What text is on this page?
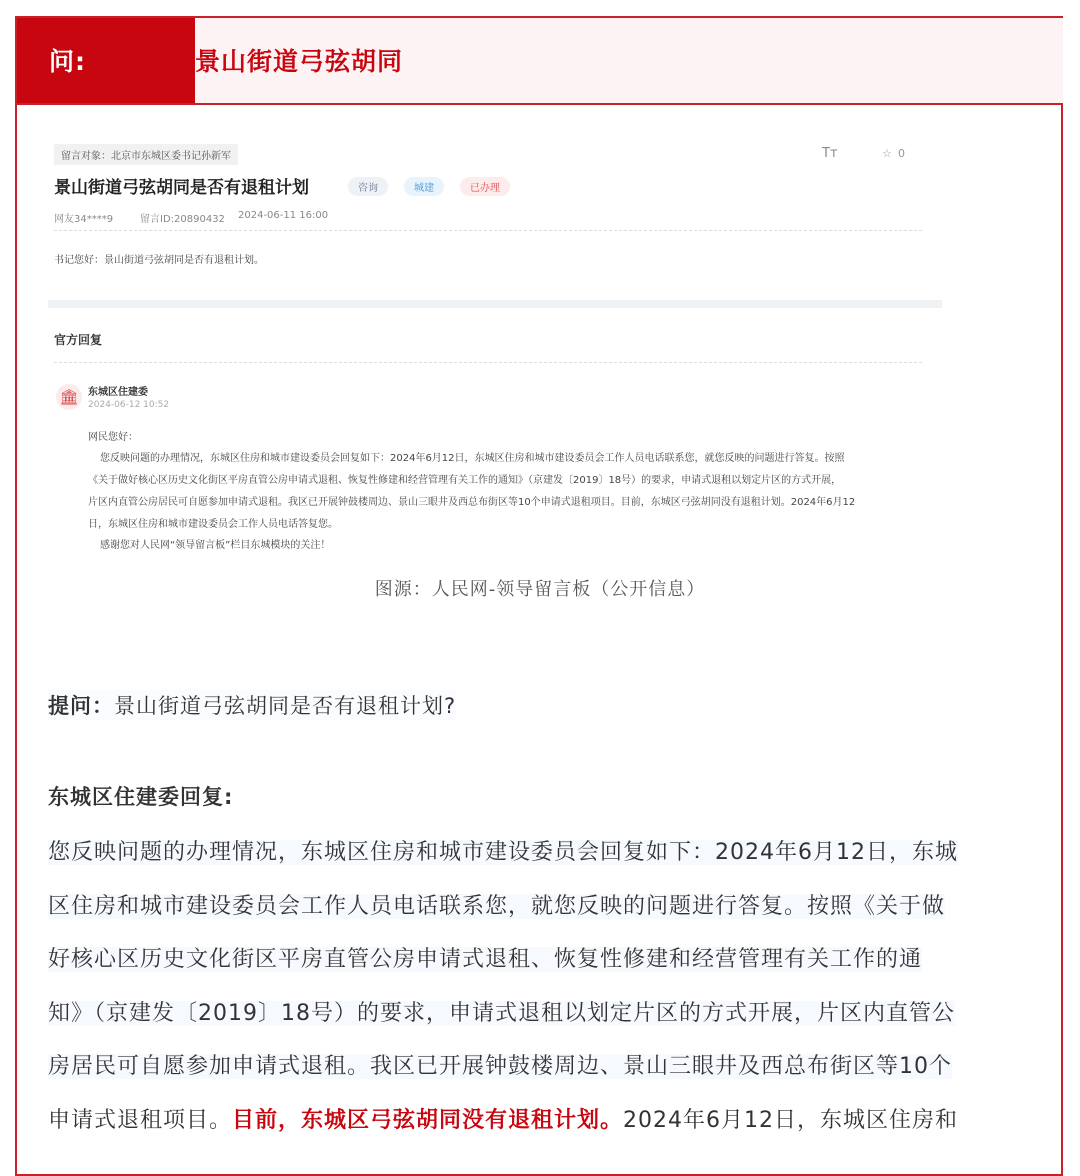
问:	景山街道弓弦胡同
留言对象：北京市东城区委书记孙新军	Tт	☆ 0
景山街道弓弦胡同是否有退租计划	咨询	城建	已办理
网友34****9	留言ID:20890432 2024-06-11 16:00
书记您好：景山街道弓弦胡同是否有退租计划。
官方回复
🏛 东城区住建委
2024-06-12 10:52
网民您好：
您反映问题的办理情况，东城区住房和城市建设委员会回复如下：2024年6月12日，东城区住房和城市建设委员会工作人员电话联系您，就您反映的问题进行答复。按照
《关于做好核心区历史文化街区平房直管公房申请式退租、恢复性修建和经营管理有关工作的通知》（京建发〔2019〕18号）的要求，申请式退租以划定片区的方式开展，
片区内直管公房居民可自愿参加申请式退租。我区已开展钟鼓楼周边、景山三眼井及西总布街区等10个申请式退租项目。目前，东城区弓弦胡同没有退租计划。2024年6月12
日，东城区住房和城市建设委员会工作人员电话答复您。
感谢您对人民网“领导留言板”栏目东城模块的关注！
图源：人民网-领导留言板（公开信息）
提问：景山街道弓弦胡同是否有退租计划?
东城区住建委回复:
您反映问题的办理情况，东城区住房和城市建设委员会回复如下：2024年6月12日，东城
区住房和城市建设委员会工作人员电话联系您，就您反映的问题进行答复。按照《关于做
好核心区历史文化街区平房直管公房申请式退租、恢复性修建和经营管理有关工作的通
知》（京建发〔2019〕18号）的要求，申请式退租以划定片区的方式开展，片区内直管公
房居民可自愿参加申请式退租。我区已开展钟鼓楼周边、景山三眼井及西总布街区等10个
申请式退租项目。目前，东城区弓弦胡同没有退租计划。2024年6月12日，东城区住房和
